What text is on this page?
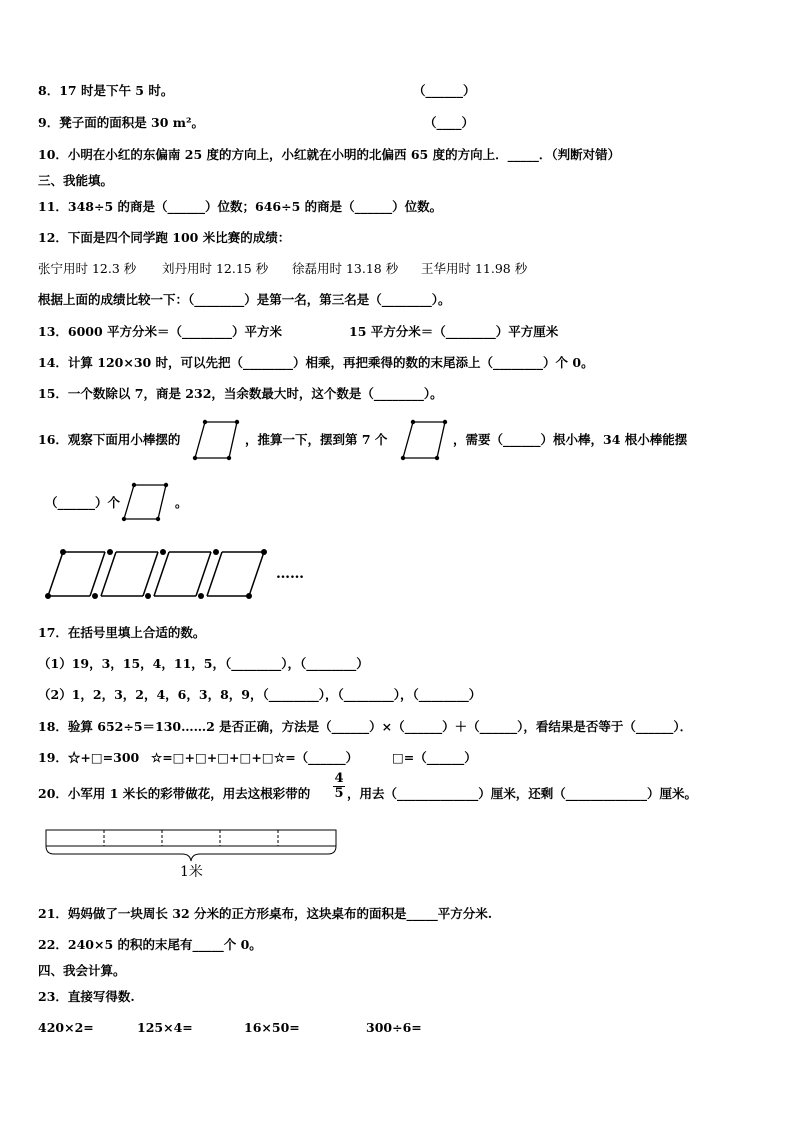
8．17 时是下午 5 时。	（______）
9．凳子面的面积是 30 m²。	（____）
10．小明在小红的东偏南 25 度的方向上，小红就在小明的北偏西 65 度的方向上．_____．（判断对错）
三、我能填。
11．348÷5 的商是（______）位数；646÷5 的商是（______）位数。
12．下面是四个同学跑 100 米比赛的成绩：
张宁用时 12.3 秒 刘丹用时 12.15 秒 徐磊用时 13.18 秒 王华用时 11.98 秒
根据上面的成绩比较一下：（________）是第一名，第三名是（________）。
13．6000 平方分米＝（________）平方米	15 平方分米＝（________）平方厘米
14．计算 120×30 时，可以先把（________）相乘，再把乘得的数的末尾添上（________）个 0。
15．一个数除以 7，商是 232，当余数最大时，这个数是（________）。
16．观察下面用小棒摆的	，推算一下，摆到第 7 个	，需要（______）根小棒，34 根小棒能摆
（______）个	。
……
17．在括号里填上合适的数。
（1）19，3，15，4，11，5，（________），（________）
（2）1，2，3，2，4，6，3，8，9，（________），（________），（________）
18．验算 652÷5＝130……2 是否正确，方法是（______）×（______）＋（______），看结果是否等于（______）．
19．☆+□=300 ☆=□+□+□+□+□ ☆=（______）	□=（______）
20．小军用 1 米长的彩带做花，用去这根彩带的 $\frac{4}{5}$ ，用去（_____________）厘米，还剩（_____________）厘米。
1米
21．妈妈做了一块周长 32 分米的正方形桌布，这块桌布的面积是_____平方分米.
22．240×5 的积的末尾有_____个 0。
四、我会计算。
23．直接写得数.
420×2=	125×4=	16×50=	300÷6=
